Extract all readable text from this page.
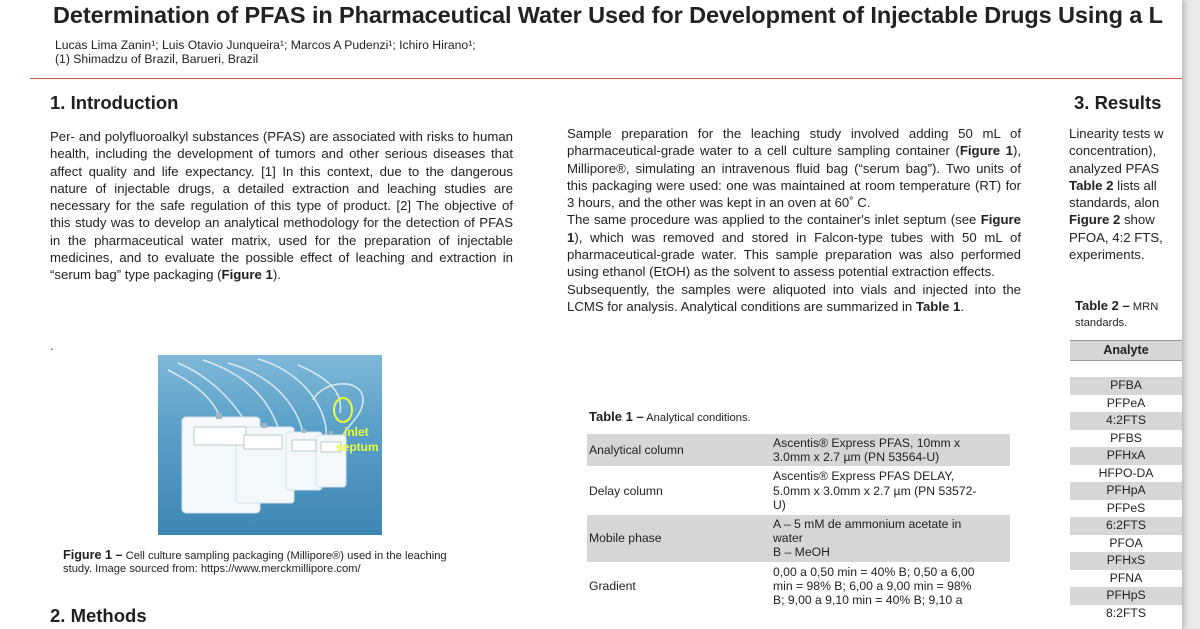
Determination of PFAS in Pharmaceutical Water Used for Development of Injectable Drugs Using a L
Lucas Lima Zanin¹; Luis Otavio Junqueira¹; Marcos A Pudenzi¹; Ichiro Hirano¹;
(1) Shimadzu of Brazil, Barueri, Brazil
1. Introduction
Per- and polyfluoroalkyl substances (PFAS) are associated with risks to human health, including the development of tumors and other serious diseases that affect quality and life expectancy. [1] In this context, due to the dangerous nature of injectable drugs, a detailed extraction and leaching studies are necessary for the safe regulation of this type of product. [2] The objective of this study was to develop an analytical methodology for the detection of PFAS in the pharmaceutical water matrix, used for the preparation of injectable medicines, and to evaluate the possible effect of leaching and extraction in “serum bag” type packaging (Figure 1).
.
inlet
septum
Figure 1 – Cell culture sampling packaging (Millipore®) used in the leaching
study. Image sourced from: https://www.merckmillipore.com/
2. Methods

Sample preparation for the leaching study involved adding 50 mL of pharmaceutical-grade water to a cell culture sampling container (Figure 1), Millipore®, simulating an intravenous fluid bag (“serum bag”). Two units of this packaging were used: one was maintained at room temperature (RT) for 3 hours, and the other was kept in an oven at 60˚ C.

The same procedure was applied to the container's inlet septum (see Figure 1), which was removed and stored in Falcon-type tubes with 50 mL of pharmaceutical-grade water. This sample preparation was also performed using ethanol (EtOH) as the solvent to assess potential extraction effects.

Subsequently, the samples were aliquoted into vials and injected into the LCMS for analysis. Analytical conditions are summarized in Table 1.

Table 1 – Analytical conditions.
Analytical column	Ascentis® Express PFAS, 10mm x
3.0mm x 2.7 µm (PN 53564-U)

Delay column	Ascentis® Express PFAS DELAY,
5.0mm x 3.0mm x 2.7 µm (PN 53572-
U)

Mobile phase	A – 5 mM de ammonium acetate in
water
B – MeOH

Gradient	0,00 a 0,50 min = 40% B; 0,50 a 6,00
min = 98% B; 6,00 a 9,00 min = 98%
B; 9,00 a 9,10 min = 40% B; 9,10 a
3. Results
Linearity tests w
concentration),
analyzed PFAS
Table 2 lists all
standards, alon
Figure 2 show
PFOA, 4:2 FTS,
experiments.
Table 2 – MRN
standards.
Analyte
PFBA
PFPeA
4:2FTS
PFBS
PFHxA
HFPO-DA
PFHpA
PFPeS
6:2FTS
PFOA
PFHxS
PFNA
PFHpS
8:2FTS
